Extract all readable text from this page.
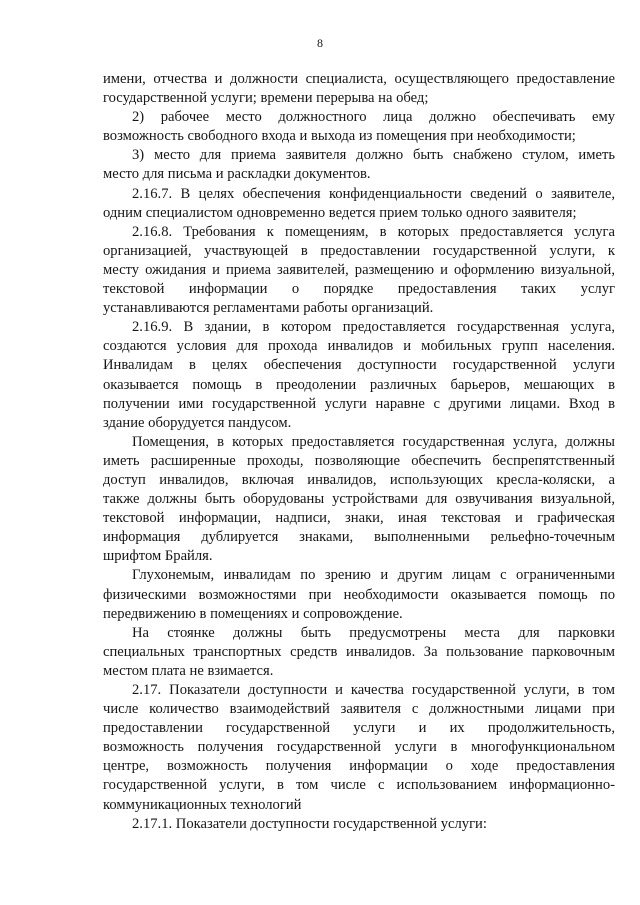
8

имени, отчества и должности специалиста, осуществляющего предоставление
государственной услуги; времени перерыва на обед;

2) рабочее место должностного лица должно обеспечивать ему
возможность свободного входа и выхода из помещения при необходимости;

3) место для приема заявителя должно быть снабжено стулом, иметь
место для письма и раскладки документов.

2.16.7. В целях обеспечения конфиденциальности сведений о заявителе,
одним специалистом одновременно ведется прием только одного заявителя;

2.16.8. Требования к помещениям, в которых предоставляется услуга
организацией, участвующей в предоставлении государственной услуги, к
месту ожидания и приема заявителей, размещению и оформлению визуальной,
текстовой информации о порядке предоставления таких услуг
устанавливаются регламентами работы организаций.

2.16.9. В здании, в котором предоставляется государственная услуга,
создаются условия для прохода инвалидов и мобильных групп населения.
Инвалидам в целях обеспечения доступности государственной услуги
оказывается помощь в преодолении различных барьеров, мешающих в
получении ими государственной услуги наравне с другими лицами. Вход в
здание оборудуется пандусом.

Помещения, в которых предоставляется государственная услуга, должны
иметь расширенные проходы, позволяющие обеспечить беспрепятственный
доступ инвалидов, включая инвалидов, использующих кресла-коляски, а
также должны быть оборудованы устройствами для озвучивания визуальной,
текстовой информации, надписи, знаки, иная текстовая и графическая
информация дублируется знаками, выполненными рельефно-точечным
шрифтом Брайля.

Глухонемым, инвалидам по зрению и другим лицам с ограниченными
физическими возможностями при необходимости оказывается помощь по
передвижению в помещениях и сопровождение.

На стоянке должны быть предусмотрены места для парковки
специальных транспортных средств инвалидов. За пользование парковочным
местом плата не взимается.

2.17. Показатели доступности и качества государственной услуги, в том
числе количество взаимодействий заявителя с должностными лицами при
предоставлении государственной услуги и их продолжительность,
возможность получения государственной услуги в многофункциональном
центре, возможность получения информации о ходе предоставления
государственной услуги, в том числе с использованием информационно-
коммуникационных технологий

2.17.1. Показатели доступности государственной услуги:
